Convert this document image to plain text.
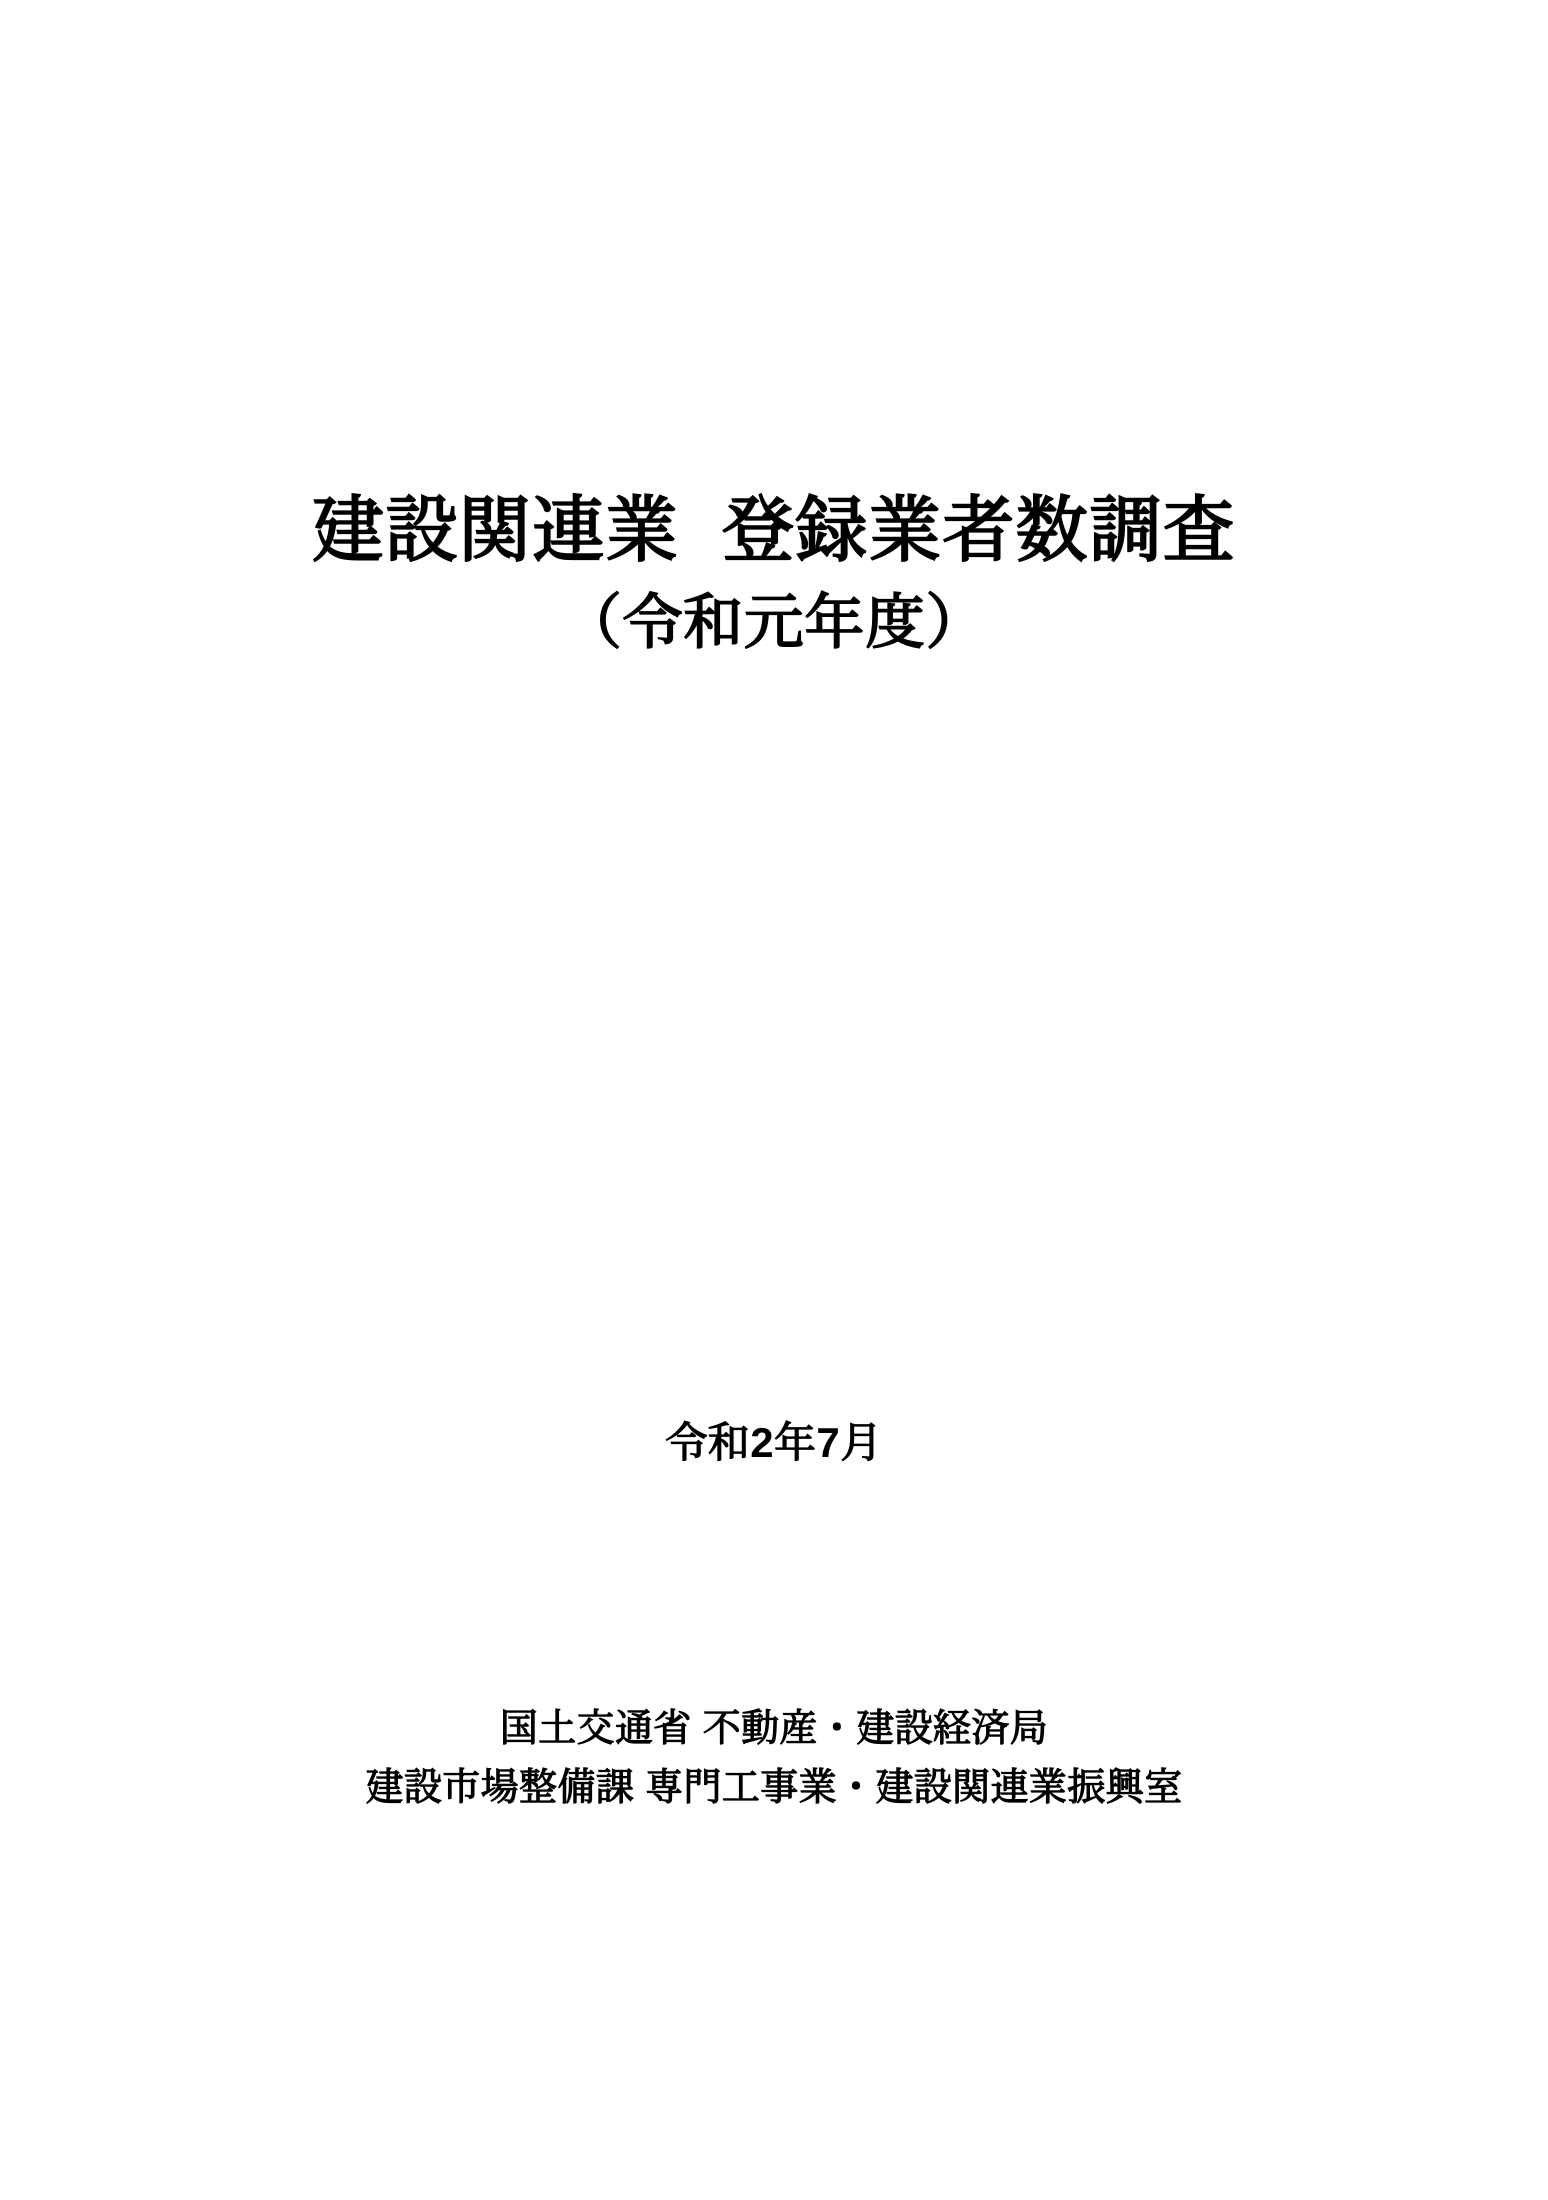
建設関連業  登録業者数調査
（令和元年度）
令和2年7月
国土交通省 不動産・建設経済局
建設市場整備課 専門工事業・建設関連業振興室
